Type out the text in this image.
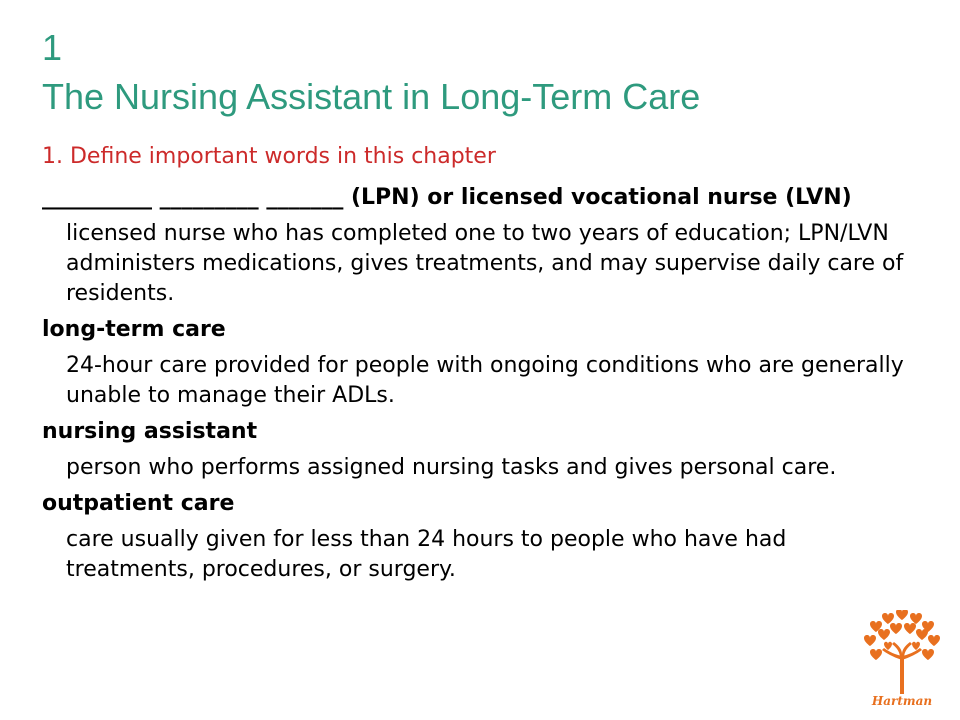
1
The Nursing Assistant in Long-Term Care
1. Define important words in this chapter

__________ _________ _______ (LPN) or licensed vocational nurse (LVN)

licensed nurse who has completed one to two years of education; LPN/LVN administers medications, gives treatments, and may supervise daily care of residents.

long-term care

24-hour care provided for people with ongoing conditions who are generally unable to manage their ADLs.

nursing assistant

person who performs assigned nursing tasks and gives personal care.

outpatient care

care usually given for less than 24 hours to people who have had treatments, procedures, or surgery.

Hartman
